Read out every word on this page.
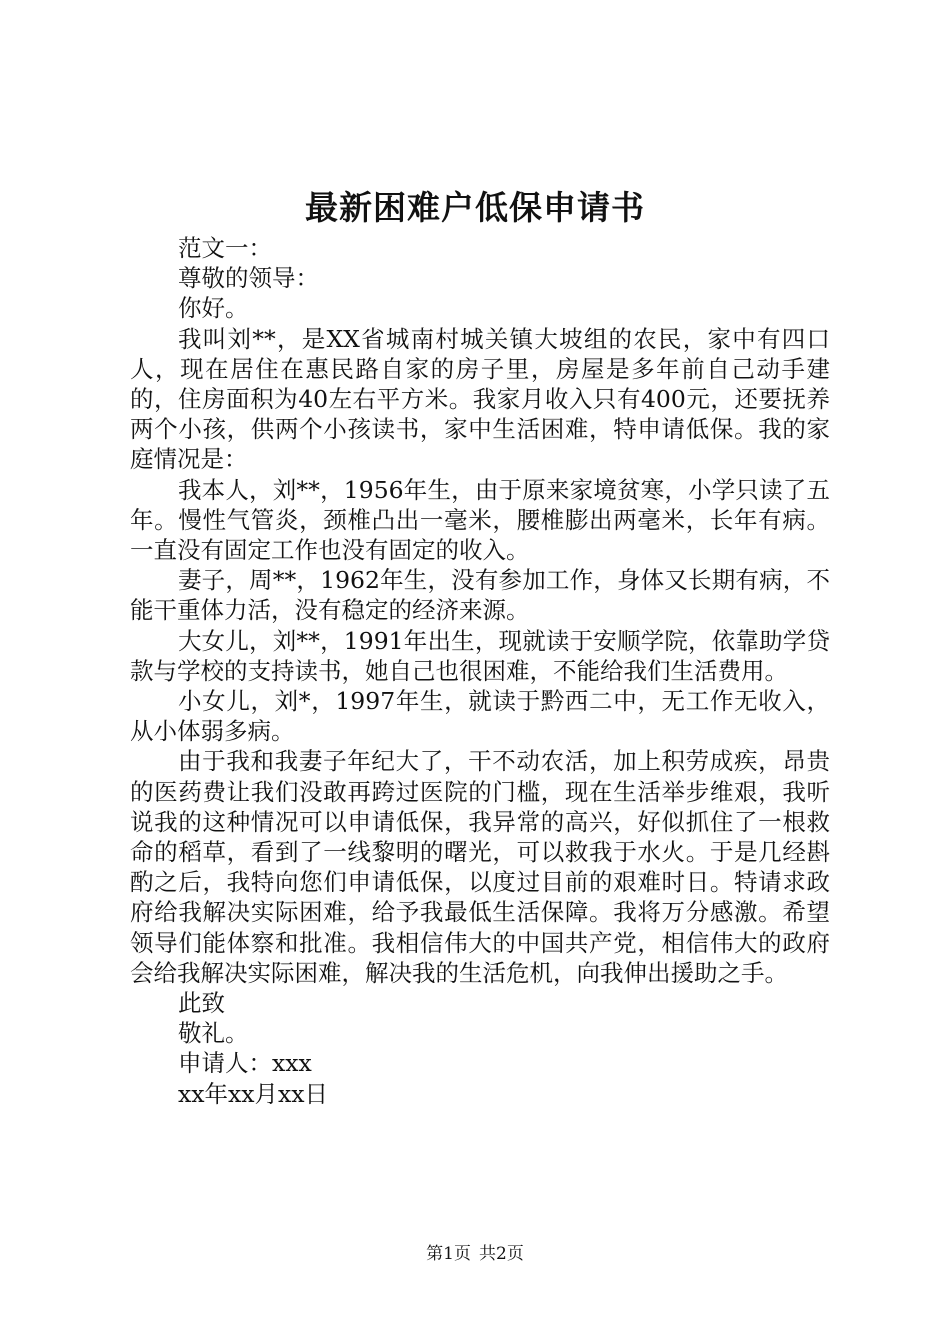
最新困难户低保申请书

范文一：

尊敬的领导：

你好。

我叫刘**，是XX省城南村城关镇大坡组的农民，家中有四口人，现在居住在惠民路自家的房子里，房屋是多年前自己动手建的，住房面积为40左右平方米。我家月收入只有400元，还要抚养两个小孩，供两个小孩读书，家中生活困难，特申请低保。我的家庭情况是：

我本人，刘**，1956年生，由于原来家境贫寒，小学只读了五年。慢性气管炎，颈椎凸出一毫米，腰椎膨出两毫米，长年有病。一直没有固定工作也没有固定的收入。

妻子，周**，1962年生，没有参加工作，身体又长期有病，不能干重体力活，没有稳定的经济来源。

大女儿，刘**，1991年出生，现就读于安顺学院，依靠助学贷款与学校的支持读书，她自己也很困难，不能给我们生活费用。

小女儿，刘*，1997年生，就读于黔西二中，无工作无收入，从小体弱多病。

由于我和我妻子年纪大了，干不动农活，加上积劳成疾，昂贵的医药费让我们没敢再跨过医院的门槛，现在生活举步维艰，我听说我的这种情况可以申请低保，我异常的高兴，好似抓住了一根救命的稻草，看到了一线黎明的曙光，可以救我于水火。于是几经斟酌之后，我特向您们申请低保，以度过目前的艰难时日。特请求政府给我解决实际困难，给予我最低生活保障。我将万分感激。希望领导们能体察和批准。我相信伟大的中国共产党，相信伟大的政府会给我解决实际困难，解决我的生活危机，向我伸出援助之手。

此致

敬礼。

申请人：xxx

xx年xx月xx日

第1页 共2页
